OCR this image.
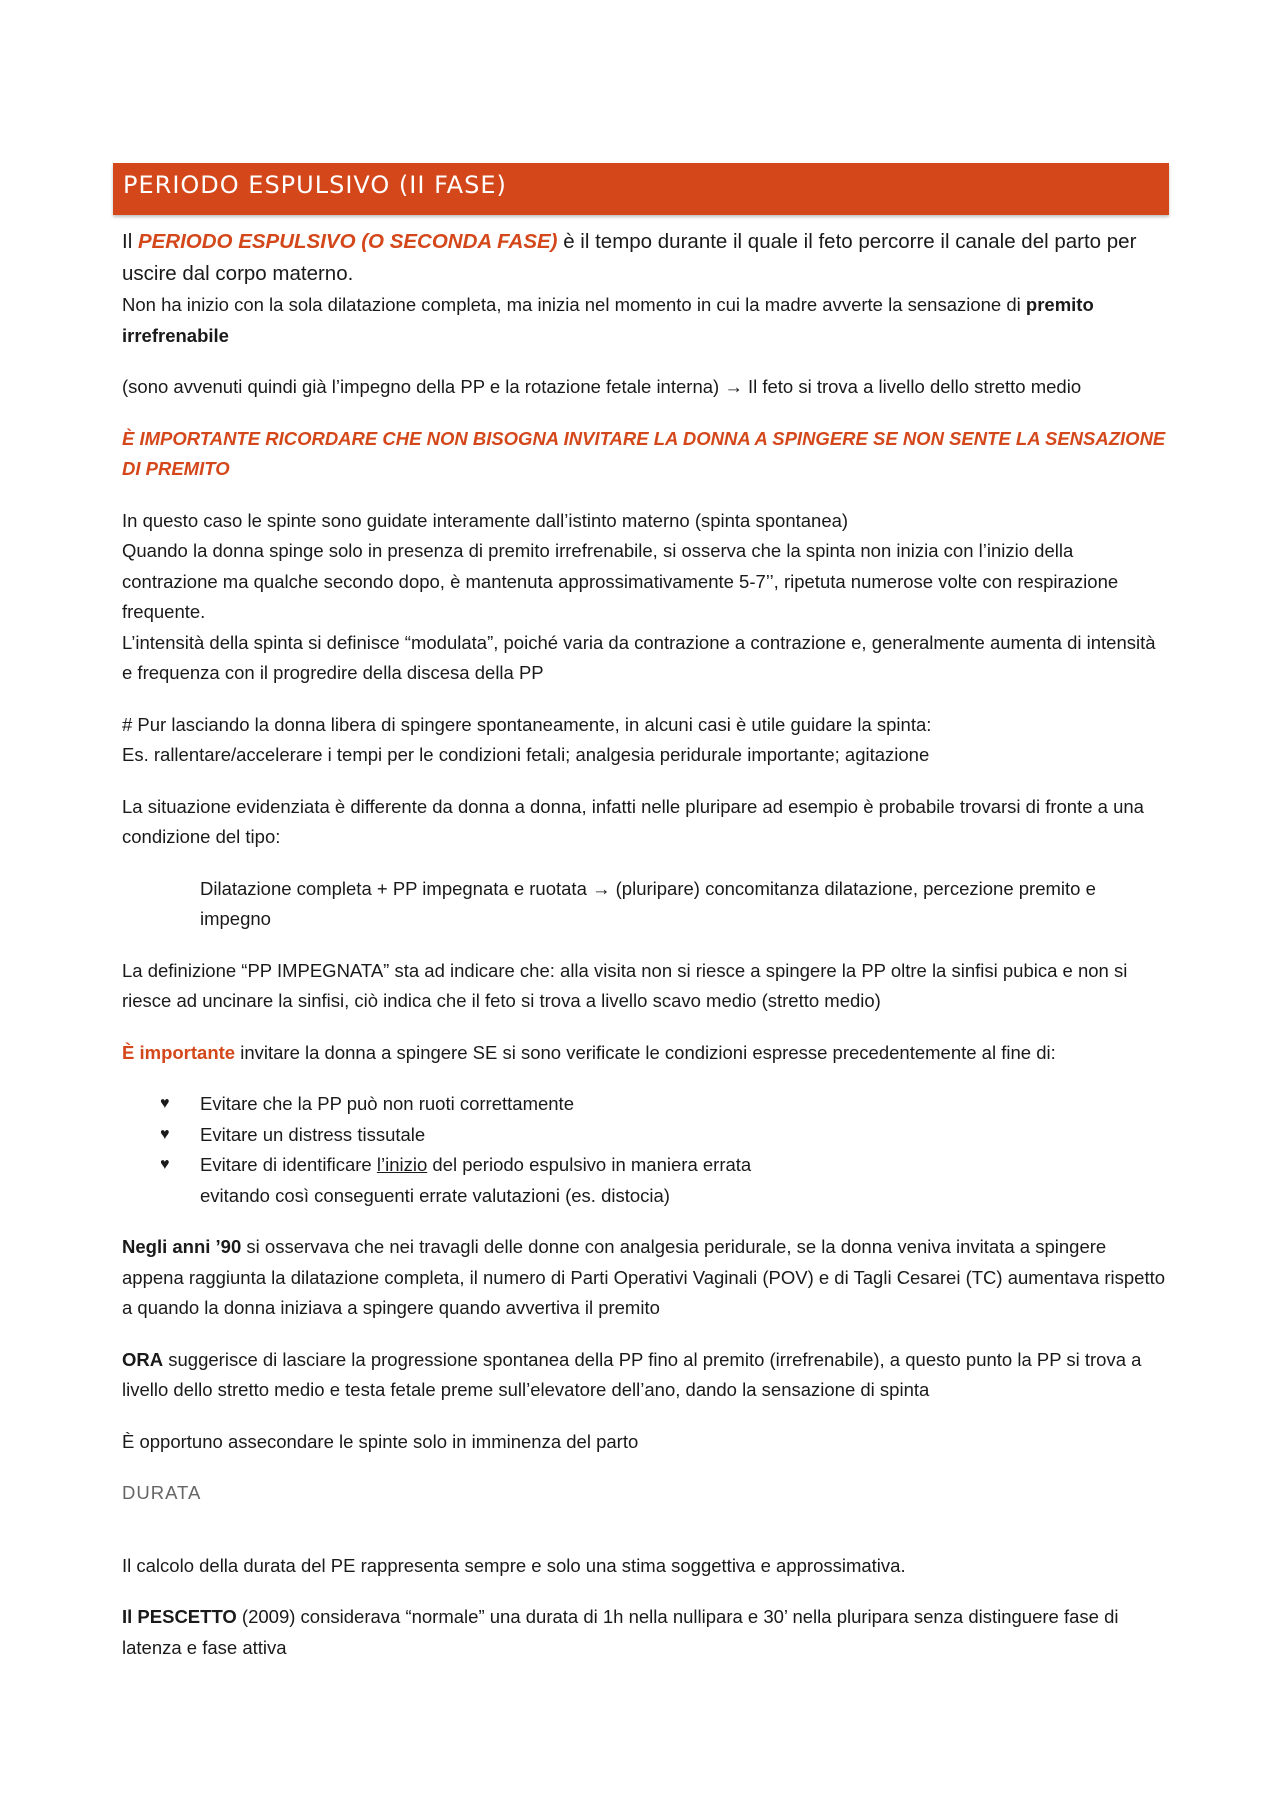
PERIODO ESPULSIVO (II FASE)

Il PERIODO ESPULSIVO (O SECONDA FASE) è il tempo durante il quale il feto percorre il canale del parto per uscire dal corpo materno.

Non ha inizio con la sola dilatazione completa, ma inizia nel momento in cui la madre avverte la sensazione di premito irrefrenabile

(sono avvenuti quindi già l’impegno della PP e la rotazione fetale interna) → Il feto si trova a livello dello stretto medio

È IMPORTANTE RICORDARE CHE NON BISOGNA INVITARE LA DONNA A SPINGERE SE NON SENTE LA SENSAZIONE DI PREMITO

In questo caso le spinte sono guidate interamente dall’istinto materno (spinta spontanea)

Quando la donna spinge solo in presenza di premito irrefrenabile, si osserva che la spinta non inizia con l’inizio della contrazione ma qualche secondo dopo, è mantenuta approssimativamente 5-7’’, ripetuta numerose volte con respirazione frequente.

L’intensità della spinta si definisce “modulata”, poiché varia da contrazione a contrazione e, generalmente aumenta di intensità e frequenza con il progredire della discesa della PP

# Pur lasciando la donna libera di spingere spontaneamente, in alcuni casi è utile guidare la spinta:

Es. rallentare/accelerare i tempi per le condizioni fetali; analgesia peridurale importante; agitazione

La situazione evidenziata è differente da donna a donna, infatti nelle pluripare ad esempio è probabile trovarsi di fronte a una condizione del tipo:

Dilatazione completa + PP impegnata e ruotata → (pluripare) concomitanza dilatazione, percezione premito e impegno

La definizione “PP IMPEGNATA” sta ad indicare che: alla visita non si riesce a spingere la PP oltre la sinfisi pubica e non si riesce ad uncinare la sinfisi, ciò indica che il feto si trova a livello scavo medio (stretto medio)

È importante invitare la donna a spingere SE si sono verificate le condizioni espresse precedentemente al fine di:

♥ Evitare che la PP può non ruoti correttamente
♥ Evitare un distress tissutale
♥ Evitare di identificare l’inizio del periodo espulsivo in maniera errata
evitando così conseguenti errate valutazioni (es. distocia)

Negli anni ’90 si osservava che nei travagli delle donne con analgesia peridurale, se la donna veniva invitata a spingere appena raggiunta la dilatazione completa, il numero di Parti Operativi Vaginali (POV) e di Tagli Cesarei (TC) aumentava rispetto a quando la donna iniziava a spingere quando avvertiva il premito

ORA suggerisce di lasciare la progressione spontanea della PP fino al premito (irrefrenabile), a questo punto la PP si trova a livello dello stretto medio e testa fetale preme sull’elevatore dell’ano, dando la sensazione di spinta

È opportuno assecondare le spinte solo in imminenza del parto

DURATA

Il calcolo della durata del PE rappresenta sempre e solo una stima soggettiva e approssimativa.

Il PESCETTO (2009) considerava “normale” una durata di 1h nella nullipara e 30’ nella pluripara senza distinguere fase di latenza e fase attiva
